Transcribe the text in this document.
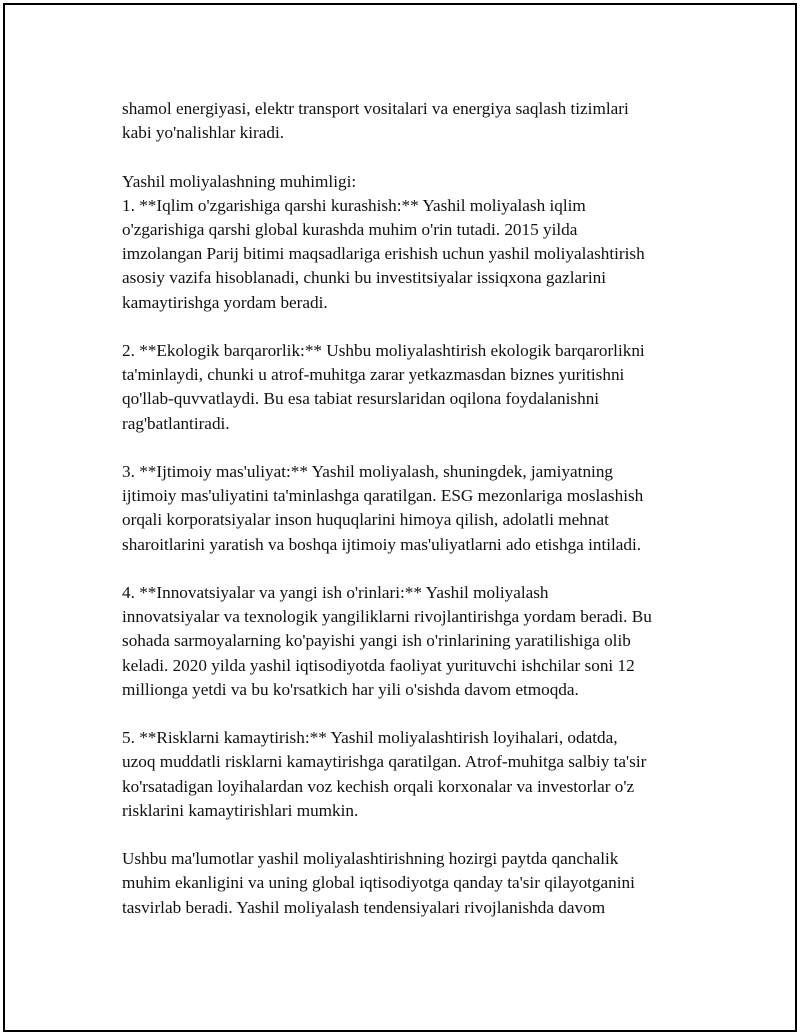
shamol energiyasi, elektr transport vositalari va energiya saqlash tizimlari
kabi yo'nalishlar kiradi.

Yashil moliyalashning muhimligi:
1. **Iqlim o'zgarishiga qarshi kurashish:** Yashil moliyalash iqlim
o'zgarishiga qarshi global kurashda muhim o'rin tutadi. 2015 yilda
imzolangan Parij bitimi maqsadlariga erishish uchun yashil moliyalashtirish
asosiy vazifa hisoblanadi, chunki bu investitsiyalar issiqxona gazlarini
kamaytirishga yordam beradi.

2. **Ekologik barqarorlik:** Ushbu moliyalashtirish ekologik barqarorlikni
ta'minlaydi, chunki u atrof-muhitga zarar yetkazmasdan biznes yuritishni
qo'llab-quvvatlaydi. Bu esa tabiat resurslaridan oqilona foydalanishni
rag'batlantiradi.

3. **Ijtimoiy mas'uliyat:** Yashil moliyalash, shuningdek, jamiyatning
ijtimoiy mas'uliyatini ta'minlashga qaratilgan. ESG mezonlariga moslashish
orqali korporatsiyalar inson huquqlarini himoya qilish, adolatli mehnat
sharoitlarini yaratish va boshqa ijtimoiy mas'uliyatlarni ado etishga intiladi.

4. **Innovatsiyalar va yangi ish o'rinlari:** Yashil moliyalash
innovatsiyalar va texnologik yangiliklarni rivojlantirishga yordam beradi. Bu
sohada sarmoyalarning ko'payishi yangi ish o'rinlarining yaratilishiga olib
keladi. 2020 yilda yashil iqtisodiyotda faoliyat yurituvchi ishchilar soni 12
millionga yetdi va bu ko'rsatkich har yili o'sishda davom etmoqda.

5. **Risklarni kamaytirish:** Yashil moliyalashtirish loyihalari, odatda,
uzoq muddatli risklarni kamaytirishga qaratilgan. Atrof-muhitga salbiy ta'sir
ko'rsatadigan loyihalardan voz kechish orqali korxonalar va investorlar o'z
risklarini kamaytirishlari mumkin.

Ushbu ma'lumotlar yashil moliyalashtirishning hozirgi paytda qanchalik
muhim ekanligini va uning global iqtisodiyotga qanday ta'sir qilayotganini
tasvirlab beradi. Yashil moliyalash tendensiyalari rivojlanishda davom
